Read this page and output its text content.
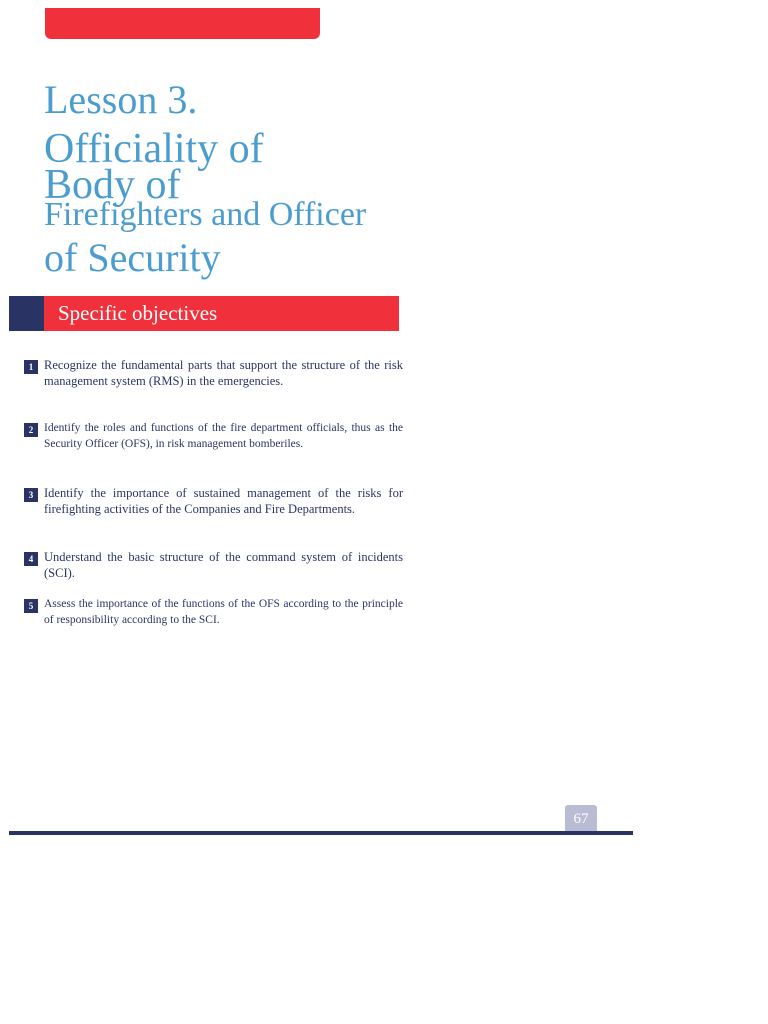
Lesson 3.
Officiality of
Body of
Firefighters and Officer
of Security
Specific objectives
1 Recognize the fundamental parts that support the structure of the risk management system (RMS) in the emergencies.
2 Identify the roles and functions of the fire department officials, thus as the Security Officer (OFS), in risk management bomberiles.
3 Identify the importance of sustained management of the risks for firefighting activities of the Companies and Fire Departments.
4 Understand the basic structure of the command system of incidents (SCI).
5 Assess the importance of the functions of the OFS according to the principle of responsibility according to the SCI.
67
